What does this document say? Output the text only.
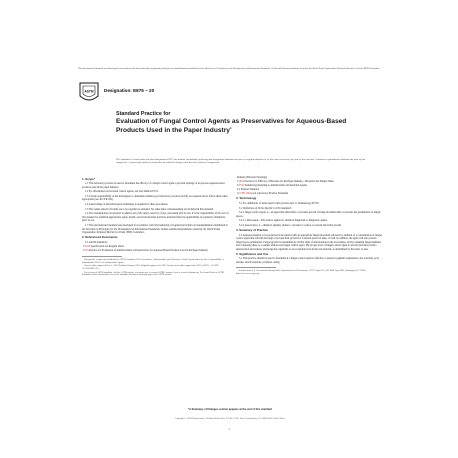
This international standard was developed in accordance with internationally recognized principles on standardization established in the Decision on Principles for the Development of International Standards, Guides and Recommendations issued by the World Trade Organization Technical Barriers to Trade (TBT) Committee.
ASTM Designation: E875 − 20
Standard Practice for
Evaluation of Fungal Control Agents as Preservatives for Aqueous-Based Products Used in the Paper Industry$^1$
This standard is issued under the fixed designation E875; the number immediately following the designation indicates the year of original adoption or, in the case of revision, the year of last revision. A number in parentheses indicates the year of last reapproval. A superscript epsilon (ε) indicates an editorial change since the last revision or reapproval.
1. Scope*
1.1 This laboratory practice is used to determine the efficacy of a fungal control agent to prevent spoilage of in-process aqueous-based products used in the paper industry.
1.2 For information on bacterial control agents, see Test Method E723.
1.3 It is the responsibility of the investigator to determine whether good laboratory practices (GLP) are required and to follow them when appropriate (see 40 CFR 160).
1.4 A knowledge of microbiological techniques is required for these procedures.
1.5 The values stated in SI units are to be regarded as standard. No other units of measurement are included in this standard.
1.6 This standard does not purport to address all of the safety concerns, if any, associated with its use. It is the responsibility of the user of this standard to establish appropriate safety, health, and environmental practices and determine the applicability of regulatory limitations prior to use.
1.7 This international standard was developed in accordance with internationally recognized principles on standardization established in the Decision on Principles for the Development of International Standards, Guides and Recommendations issued by the World Trade Organization Technical Barriers to Trade (TBT) Committee.
2. Referenced Documents
2.1 ASTM Standards:
D1193 Specification for Reagent Water
E723 Practice for Evaluation of Antimicrobials as Preservatives for Aqueous-Based Products Used in the Paper Industry
This practice is under the jurisdiction of ASTM Committee E35 on Pesticides, Antimicrobials, and Alternative Control Agents and is the direct responsibility of Subcommittee E35.15 on Antimicrobial Agents.
Current edition approved Nov. 1, 2020. Published January 2021. Originally approved in 1982. Last previous edition approved in 2013 as E875 – 13. DOI: 10.1520/E0875-20.
For referenced ASTM standards, visit the ASTM website, www.astm.org, or contact ASTM Customer Service at service@astm.org. For Annual Book of ASTM Standards volume information, refer to the standard's Document Summary page on the ASTM website.
Industry (Bacterial Spoilage)
E1054 Practices for Efficacy of Biocides for the Paper Industry—Bacterial and Fungal Slime
E2756 Terminology Relating to Antimicrobial and Antiviral Agents
2.2 Federal Standard:
40 CFR 160 Good Laboratory Practice Standards
3. Terminology
3.1 For definitions of terms used in this practice refer to Terminology E2756.
3.2 Definitions of Terms Specific to This Standard:
3.2.1 fungal control agent, n—an agent that either kills or prevents growth of fungi and either kills or prevents the germination of fungal spores.
3.2.1.1 Discussion—This term is applied to chemical fungicidal or fungistatic agents.
3.2.2 preservative, n—chemical agent(s) added to a product to reduce or prevent microbial growth.
4. Summary of Practice
4.1 Aqueous material to be preserved is inoculated with an appropriate fungal inoculum followed by addition of a concentration of fungal control agent that will kill the fungi or prevent their growth for a desired period of time, or both. In addition, the agent will also prevent fungal spore germination. Fungal growth is determined by visible signs of deterioration in the test sample, and by obtaining fungal numbers and comparing these to a sample without any fungal control agent. The proper level of fungal control agent is one that prevents product deterioration and reduces and keeps the organisms to an acceptable level in the test material, as determined by the tester or user.
5. Significance and Use
5.1 This practice should be used to determine if a fungal control agent is effective to preserve pigment suspensions, dye solutions, poly slurries, starch solutions, polymers, sizing
Available from U.S. Government Printing Office Superintendent of Documents, 732 N. Capitol St., NW, Mail Stop: SDE, Washington, DC 20401, http://www.access.gpo.gov.
*A Summary of Changes section appears at the end of this standard
Copyright © ASTM International, 100 Barr Harbor Drive, PO Box C700, West Conshohocken, PA 19428-2959. United States
1
